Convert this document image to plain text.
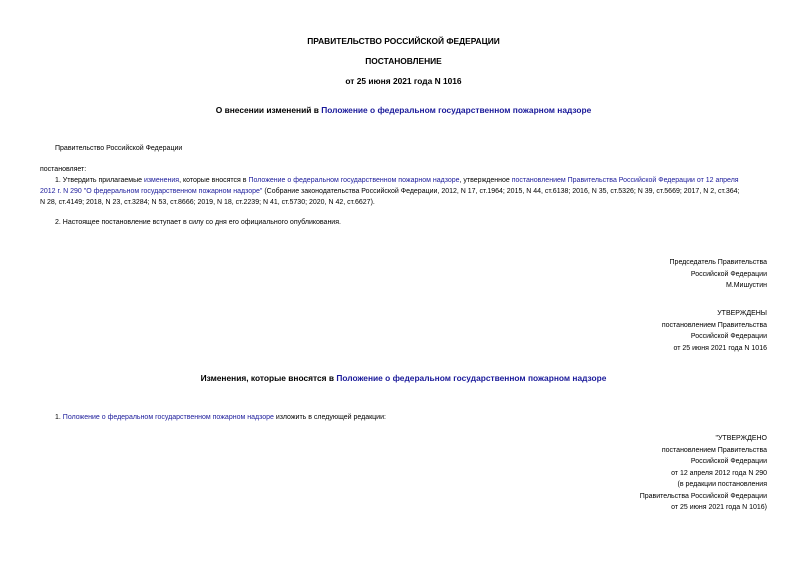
ПРАВИТЕЛЬСТВО РОССИЙСКОЙ ФЕДЕРАЦИИ
ПОСТАНОВЛЕНИЕ
от 25 июня 2021 года N 1016
О внесении изменений в Положение о федеральном государственном пожарном надзоре
Правительство Российской Федерации
постановляет:
1. Утвердить прилагаемые изменения, которые вносятся в Положение о федеральном государственном пожарном надзоре, утвержденное постановлением Правительства Российской Федерации от 12 апреля
2012 г. N 290 "О федеральном государственном пожарном надзоре" (Собрание законодательства Российской Федерации, 2012, N 17, ст.1964; 2015, N 44, ст.6138; 2016, N 35, ст.5326; N 39, ст.5669; 2017, N 2, ст.364;
N 28, ст.4149; 2018, N 23, ст.3284; N 53, ст.8666; 2019, N 18, ст.2239; N 41, ст.5730; 2020, N 42, ст.6627).
2. Настоящее постановление вступает в силу со дня его официального опубликования.
Председатель Правительства
Российской Федерации
М.Мишустин
УТВЕРЖДЕНЫ
постановлением Правительства
Российской Федерации
от 25 июня 2021 года N 1016
Изменения, которые вносятся в Положение о федеральном государственном пожарном надзоре
1. Положение о федеральном государственном пожарном надзоре изложить в следующей редакции:
"УТВЕРЖДЕНО
постановлением Правительства
Российской Федерации
от 12 апреля 2012 года N 290
(в редакции постановления
Правительства Российской Федерации
от 25 июня 2021 года N 1016)
